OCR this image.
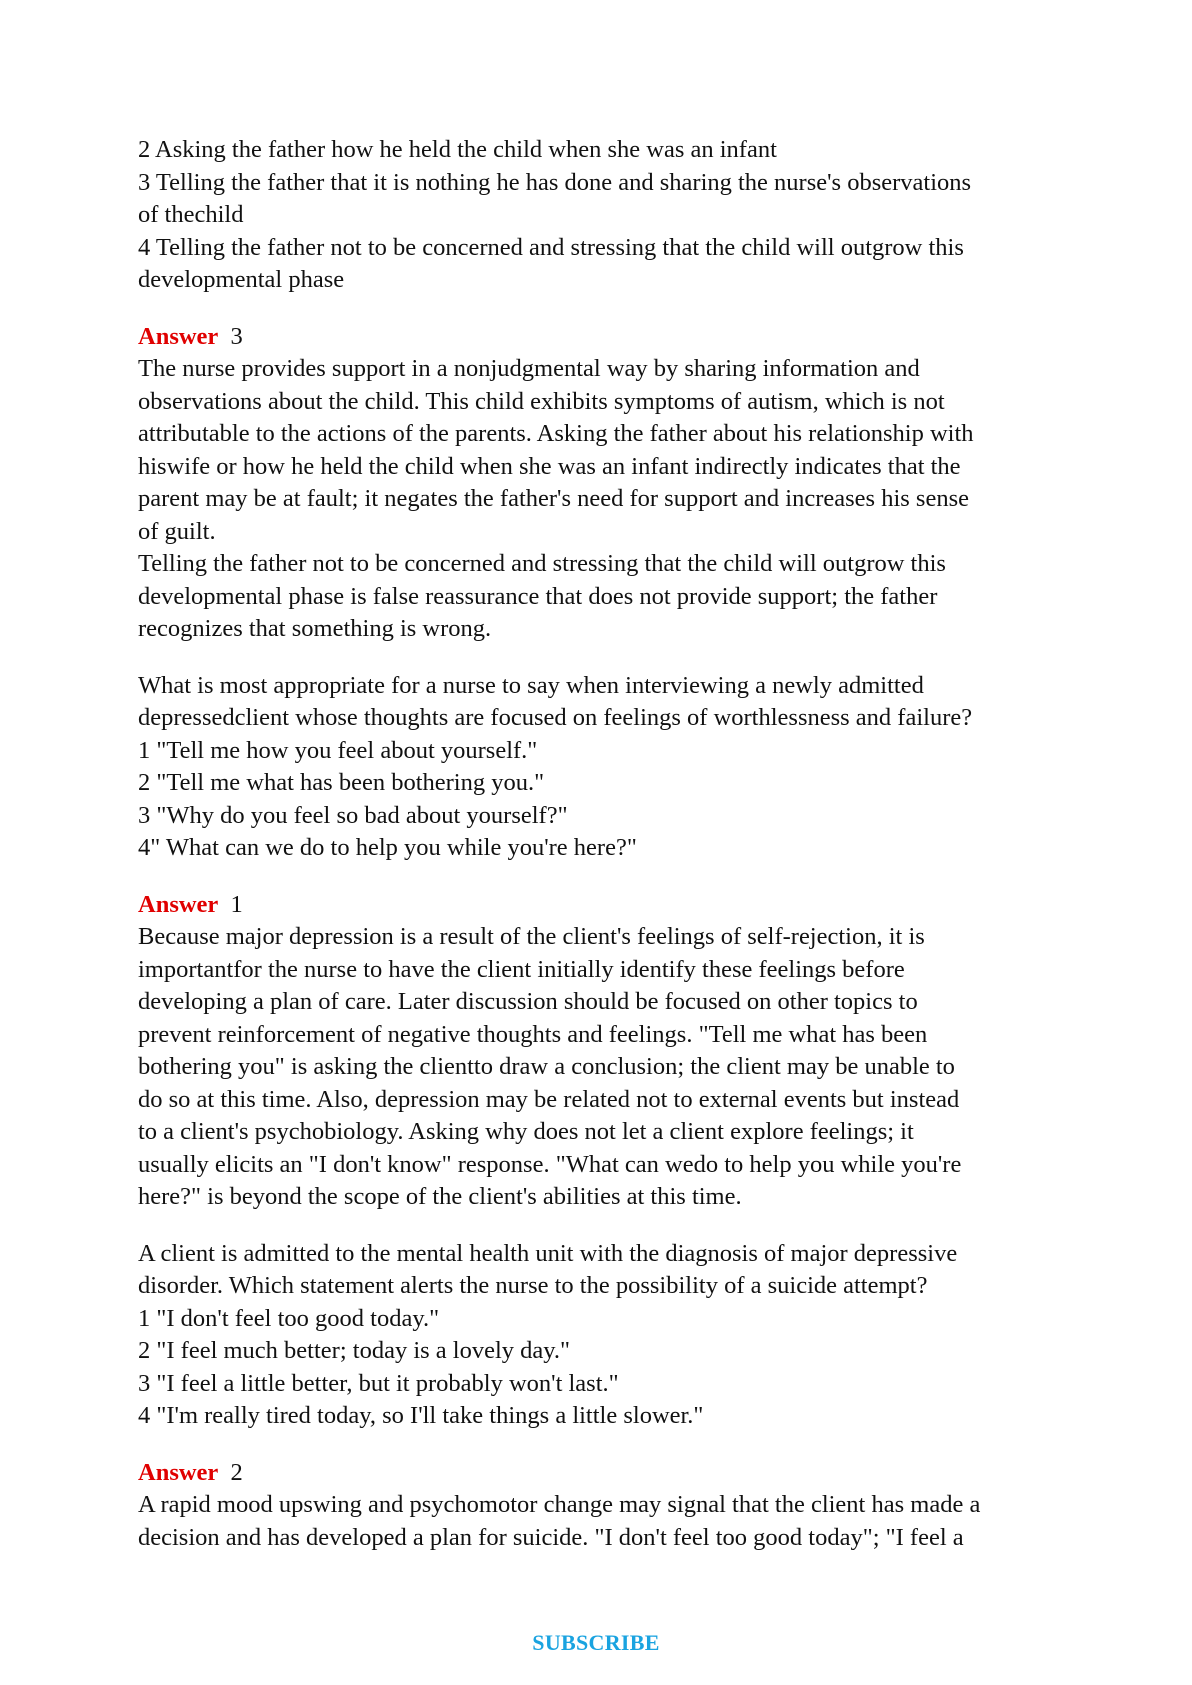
2 Asking the father how he held the child when she was an infant
3 Telling the father that it is nothing he has done and sharing the nurse's observations
of thechild
4 Telling the father not to be concerned and stressing that the child will outgrow this
developmental phase
Answer  3
The nurse provides support in a nonjudgmental way by sharing information and
observations about the child. This child exhibits symptoms of autism, which is not
attributable to the actions of the parents. Asking the father about his relationship with
hiswife or how he held the child when she was an infant indirectly indicates that the
parent may be at fault; it negates the father's need for support and increases his sense
of guilt.
Telling the father not to be concerned and stressing that the child will outgrow this
developmental phase is false reassurance that does not provide support; the father
recognizes that something is wrong.
What is most appropriate for a nurse to say when interviewing a newly admitted
depressedclient whose thoughts are focused on feelings of worthlessness and failure?
1 "Tell me how you feel about yourself."
2 "Tell me what has been bothering you."
3 "Why do you feel so bad about yourself?"
4" What can we do to help you while you're here?"
Answer  1
Because major depression is a result of the client's feelings of self-rejection, it is
importantfor the nurse to have the client initially identify these feelings before
developing a plan of care. Later discussion should be focused on other topics to
prevent reinforcement of negative thoughts and feelings. "Tell me what has been
bothering you" is asking the clientto draw a conclusion; the client may be unable to
do so at this time. Also, depression may be related not to external events but instead
to a client's psychobiology. Asking why does not let a client explore feelings; it
usually elicits an "I don't know" response. "What can wedo to help you while you're
here?" is beyond the scope of the client's abilities at this time.
A client is admitted to the mental health unit with the diagnosis of major depressive
disorder. Which statement alerts the nurse to the possibility of a suicide attempt?
1 "I don't feel too good today."
2 "I feel much better; today is a lovely day."
3 "I feel a little better, but it probably won't last."
4 "I'm really tired today, so I'll take things a little slower."
Answer  2
A rapid mood upswing and psychomotor change may signal that the client has made a
decision and has developed a plan for suicide. "I don't feel too good today"; "I feel a
SUBSCRIBE
